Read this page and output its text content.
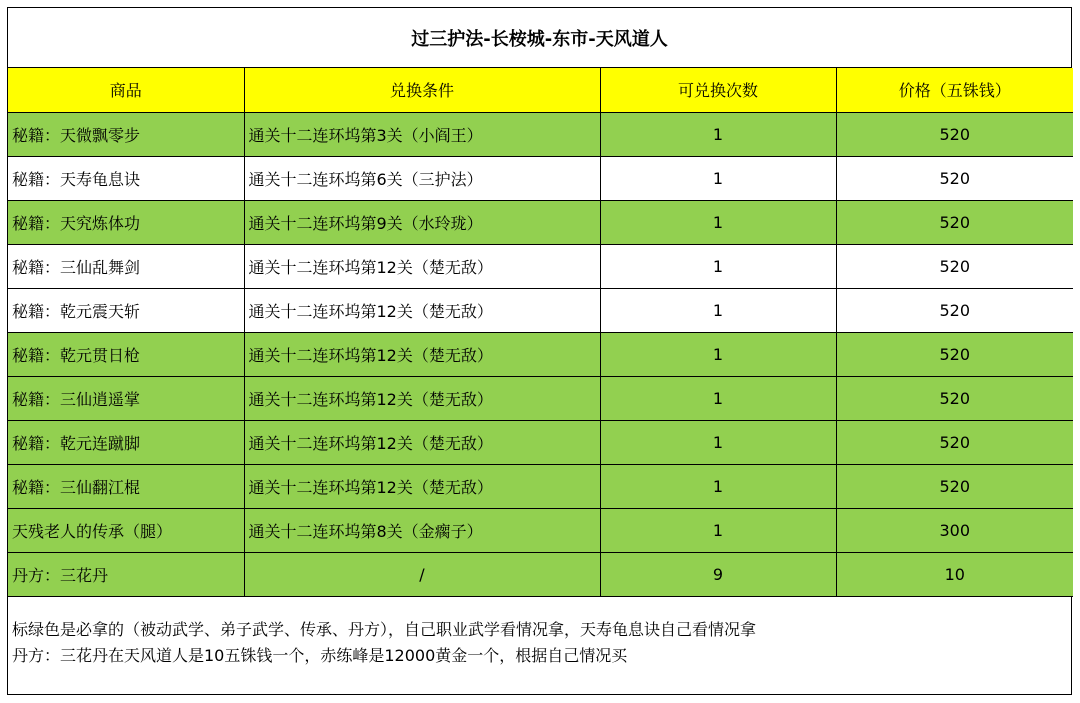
过三护法-长桉城-东市-天风道人
商品	兑换条件	可兑换次数	价格（五铢钱）
秘籍：天微飘零步	通关十二连环坞第3关（小阎王）	1	520
秘籍：天寿龟息诀	通关十二连环坞第6关（三护法）	1	520
秘籍：天究炼体功	通关十二连环坞第9关（水玲珑）	1	520
秘籍：三仙乱舞剑	通关十二连环坞第12关（楚无敌）	1	520
秘籍：乾元震天斩	通关十二连环坞第12关（楚无敌）	1	520
秘籍：乾元贯日枪	通关十二连环坞第12关（楚无敌）	1	520
秘籍：三仙逍遥掌	通关十二连环坞第12关（楚无敌）	1	520
秘籍：乾元连蹴脚	通关十二连环坞第12关（楚无敌）	1	520
秘籍：三仙翻江棍	通关十二连环坞第12关（楚无敌）	1	520
天残老人的传承（腿）	通关十二连环坞第8关（金瘸子）	1	300
丹方：三花丹	/	9	10
标绿色是必拿的（被动武学、弟子武学、传承、丹方），自己职业武学看情况拿，天寿龟息诀自己看情况拿
丹方：三花丹在天风道人是10五铢钱一个，赤练峰是12000黄金一个，根据自己情况买
